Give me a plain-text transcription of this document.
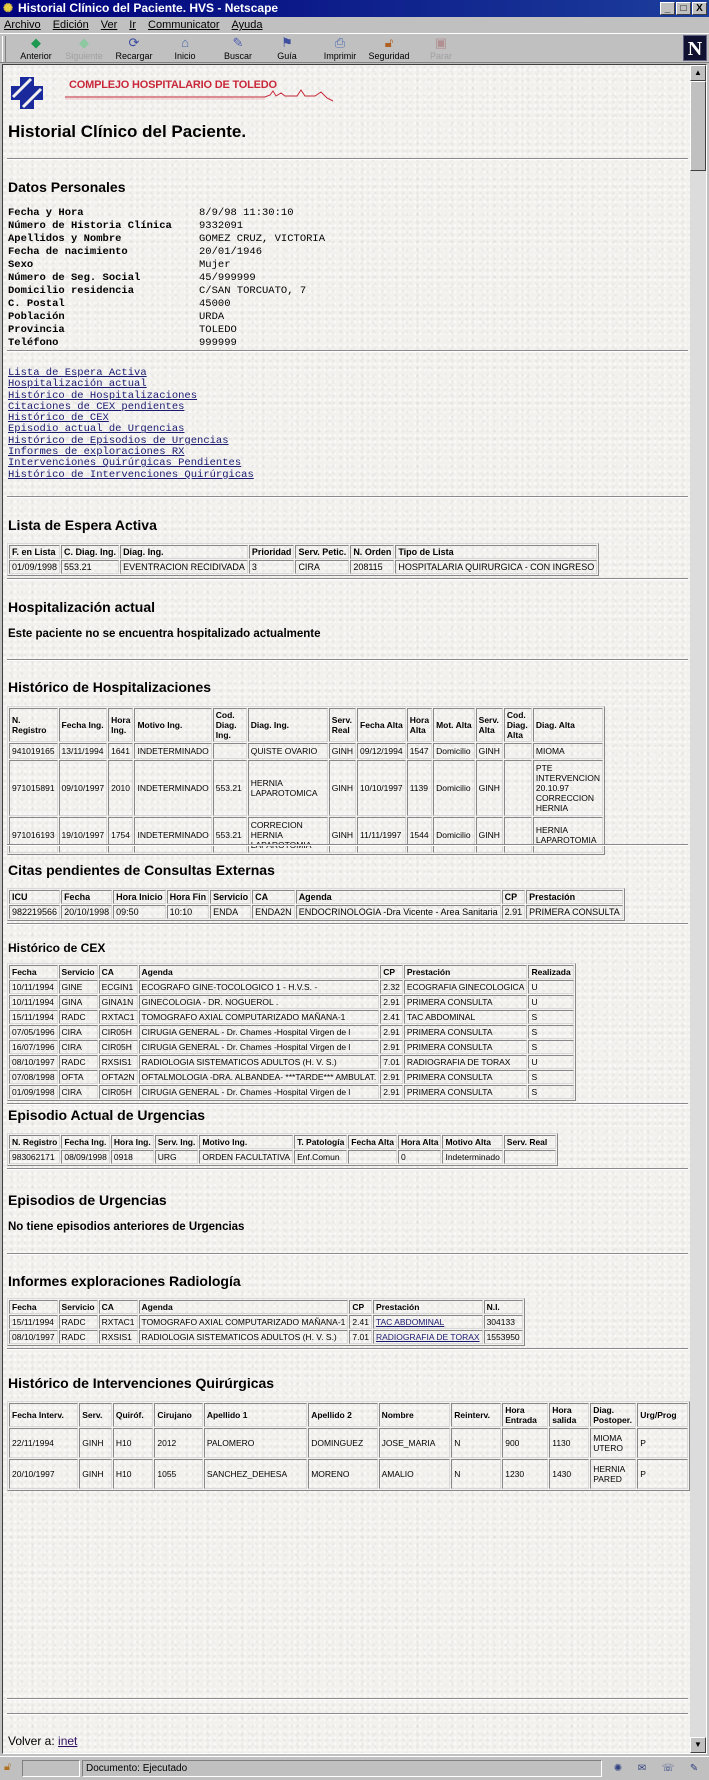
✺ Historial Clínico del Paciente. HVS - Netscape	_	□ X
Archivo Edición Ver Ir Communicator Ayuda
◆
Anterior
◆
Siguiente
⟳
Recargar
⌂
Inicio
✎
Buscar
⚑
Guía
⎙
Imprimir
🔓︎
Seguridad
▣
Parar	N
COMPLEJO HOSPITALARIO DE TOLEDO
Historial Clínico del Paciente.
Datos Personales
Fecha y Hora	8/9/98 11:30:10
Número de Historia Clínica	9332091
Apellidos y Nombre	GOMEZ CRUZ, VICTORIA
Fecha de nacimiento	20/01/1946
Sexo	Mujer
Número de Seg. Social	45/999999
Domicilio residencia	C/SAN TORCUATO, 7
C. Postal	45000
Población	URDA
Provincia	TOLEDO
Teléfono	999999
Lista de Espera Activa
Hospitalización actual
Histórico de Hospitalizaciones
Citaciones de CEX pendientes
Histórico de CEX
Episodio actual de Urgencias
Histórico de Episodios de Urgencias
Informes de exploraciones RX
Intervenciones Quirúrgicas Pendientes
Histórico de Intervenciones Quirúrgicas
Lista de Espera Activa
F. en Lista	C. Diag. Ing.	Diag. Ing.	Prioridad	Serv. Petic.	N. Orden	Tipo de Lista
01/09/1998	553.21	EVENTRACION RECIDIVADA	3	CIRA	208115	HOSPITALARIA QUIRURGICA - CON INGRESO
Hospitalización actual
Este paciente no se encuentra hospitalizado actualmente
Histórico de Hospitalizaciones
N. Registro	Fecha Ing.	Hora Ing.	Motivo Ing.	Cod. Diag. Ing.	Diag. Ing.	Serv. Real	Fecha Alta	Hora Alta	Mot. Alta	Serv. Alta	Cod. Diag. Alta	Diag. Alta
941019165	13/11/1994	1641	INDETERMINADO		QUISTE OVARIO	GINH	09/12/1994	1547	Domicilio	GINH		MIOMA
971015891	09/10/1997	2010	INDETERMINADO	553.21	HERNIA LAPAROTOMICA	GINH	10/10/1997	1139	Domicilio	GINH		PTE INTERVENCION 20.10.97 CORRECCION HERNIA
971016193	19/10/1997	1754	INDETERMINADO	553.21	CORRECION HERNIA LAPAROTOMIA	GINH	11/11/1997	1544	Domicilio	GINH		HERNIA LAPAROTOMIA
Citas pendientes de Consultas Externas
ICU	Fecha	Hora Inicio	Hora Fin	Servicio	CA	Agenda	CP	Prestación
982219566	20/10/1998	09:50	10:10	ENDA	ENDA2N	ENDOCRINOLOGIA -Dra Vicente - Area Sanitaria	2.91	PRIMERA CONSULTA
Histórico de CEX
Fecha	Servicio	CA	Agenda	CP	Prestación	Realizada
10/11/1994	GINE	ECGIN1	ECOGRAFO GINE-TOCOLOGICO 1 - H.V.S. -	2.32	ECOGRAFIA GINECOLOGICA	U
10/11/1994	GINA	GINA1N	GINECOLOGIA - DR. NOGUEROL .	2.91	PRIMERA CONSULTA	U
15/11/1994	RADC	RXTAC1	TOMOGRAFO AXIAL COMPUTARIZADO MAÑANA-1	2.41	TAC ABDOMINAL	S
07/05/1996	CIRA	CIR05H	CIRUGIA GENERAL - Dr. Chames -Hospital Virgen de l	2.91	PRIMERA CONSULTA	S
16/07/1996	CIRA	CIR05H	CIRUGIA GENERAL - Dr. Chames -Hospital Virgen de l	2.91	PRIMERA CONSULTA	S
08/10/1997	RADC	RXSIS1	RADIOLOGIA SISTEMATICOS ADULTOS (H. V. S.)	7.01	RADIOGRAFIA DE TORAX	U
07/08/1998	OFTA	OFTA2N	OFTALMOLOGIA -DRA. ALBANDEA- ***TARDE*** AMBULAT.	2.91	PRIMERA CONSULTA	S
01/09/1998	CIRA	CIR05H	CIRUGIA GENERAL - Dr. Chames -Hospital Virgen de l	2.91	PRIMERA CONSULTA	S
Episodio Actual de Urgencias
N. Registro	Fecha Ing.	Hora Ing.	Serv. Ing.	Motivo Ing.	T. Patología	Fecha Alta	Hora Alta	Motivo Alta	Serv. Real
983062171	08/09/1998	0918	URG	ORDEN FACULTATIVA	Enf.Comun		0	Indeterminado	
Episodios de Urgencias
No tiene episodios anteriores de Urgencias
Informes exploraciones Radiología
Fecha	Servicio	CA	Agenda	CP	Prestación	N.I.
15/11/1994	RADC	RXTAC1	TOMOGRAFO AXIAL COMPUTARIZADO MAÑANA-1	2.41	TAC ABDOMINAL	304133
08/10/1997	RADC	RXSIS1	RADIOLOGIA SISTEMATICOS ADULTOS (H. V. S.)	7.01	RADIOGRAFIA DE TORAX	1553950
Histórico de Intervenciones Quirúrgicas
Fecha Interv.	Serv.	Quiróf.	Cirujano	Apellido 1	Apellido 2	Nombre	Reinterv.	Hora Entrada	Hora salida	Diag. Postoper.	Urg/Prog
22/11/1994	GINH	H10	2012	PALOMERO	DOMINGUEZ	JOSE_MARIA	N	900	1130	MIOMA UTERO	P
20/10/1997	GINH	H10	1055	SANCHEZ_DEHESA	MORENO	AMALIO	N	1230	1430	HERNIA PARED	P
Volver a: inet
▲
▼
🔓︎	Documento: Ejecutado	✺ ✉ ☏ ✎
